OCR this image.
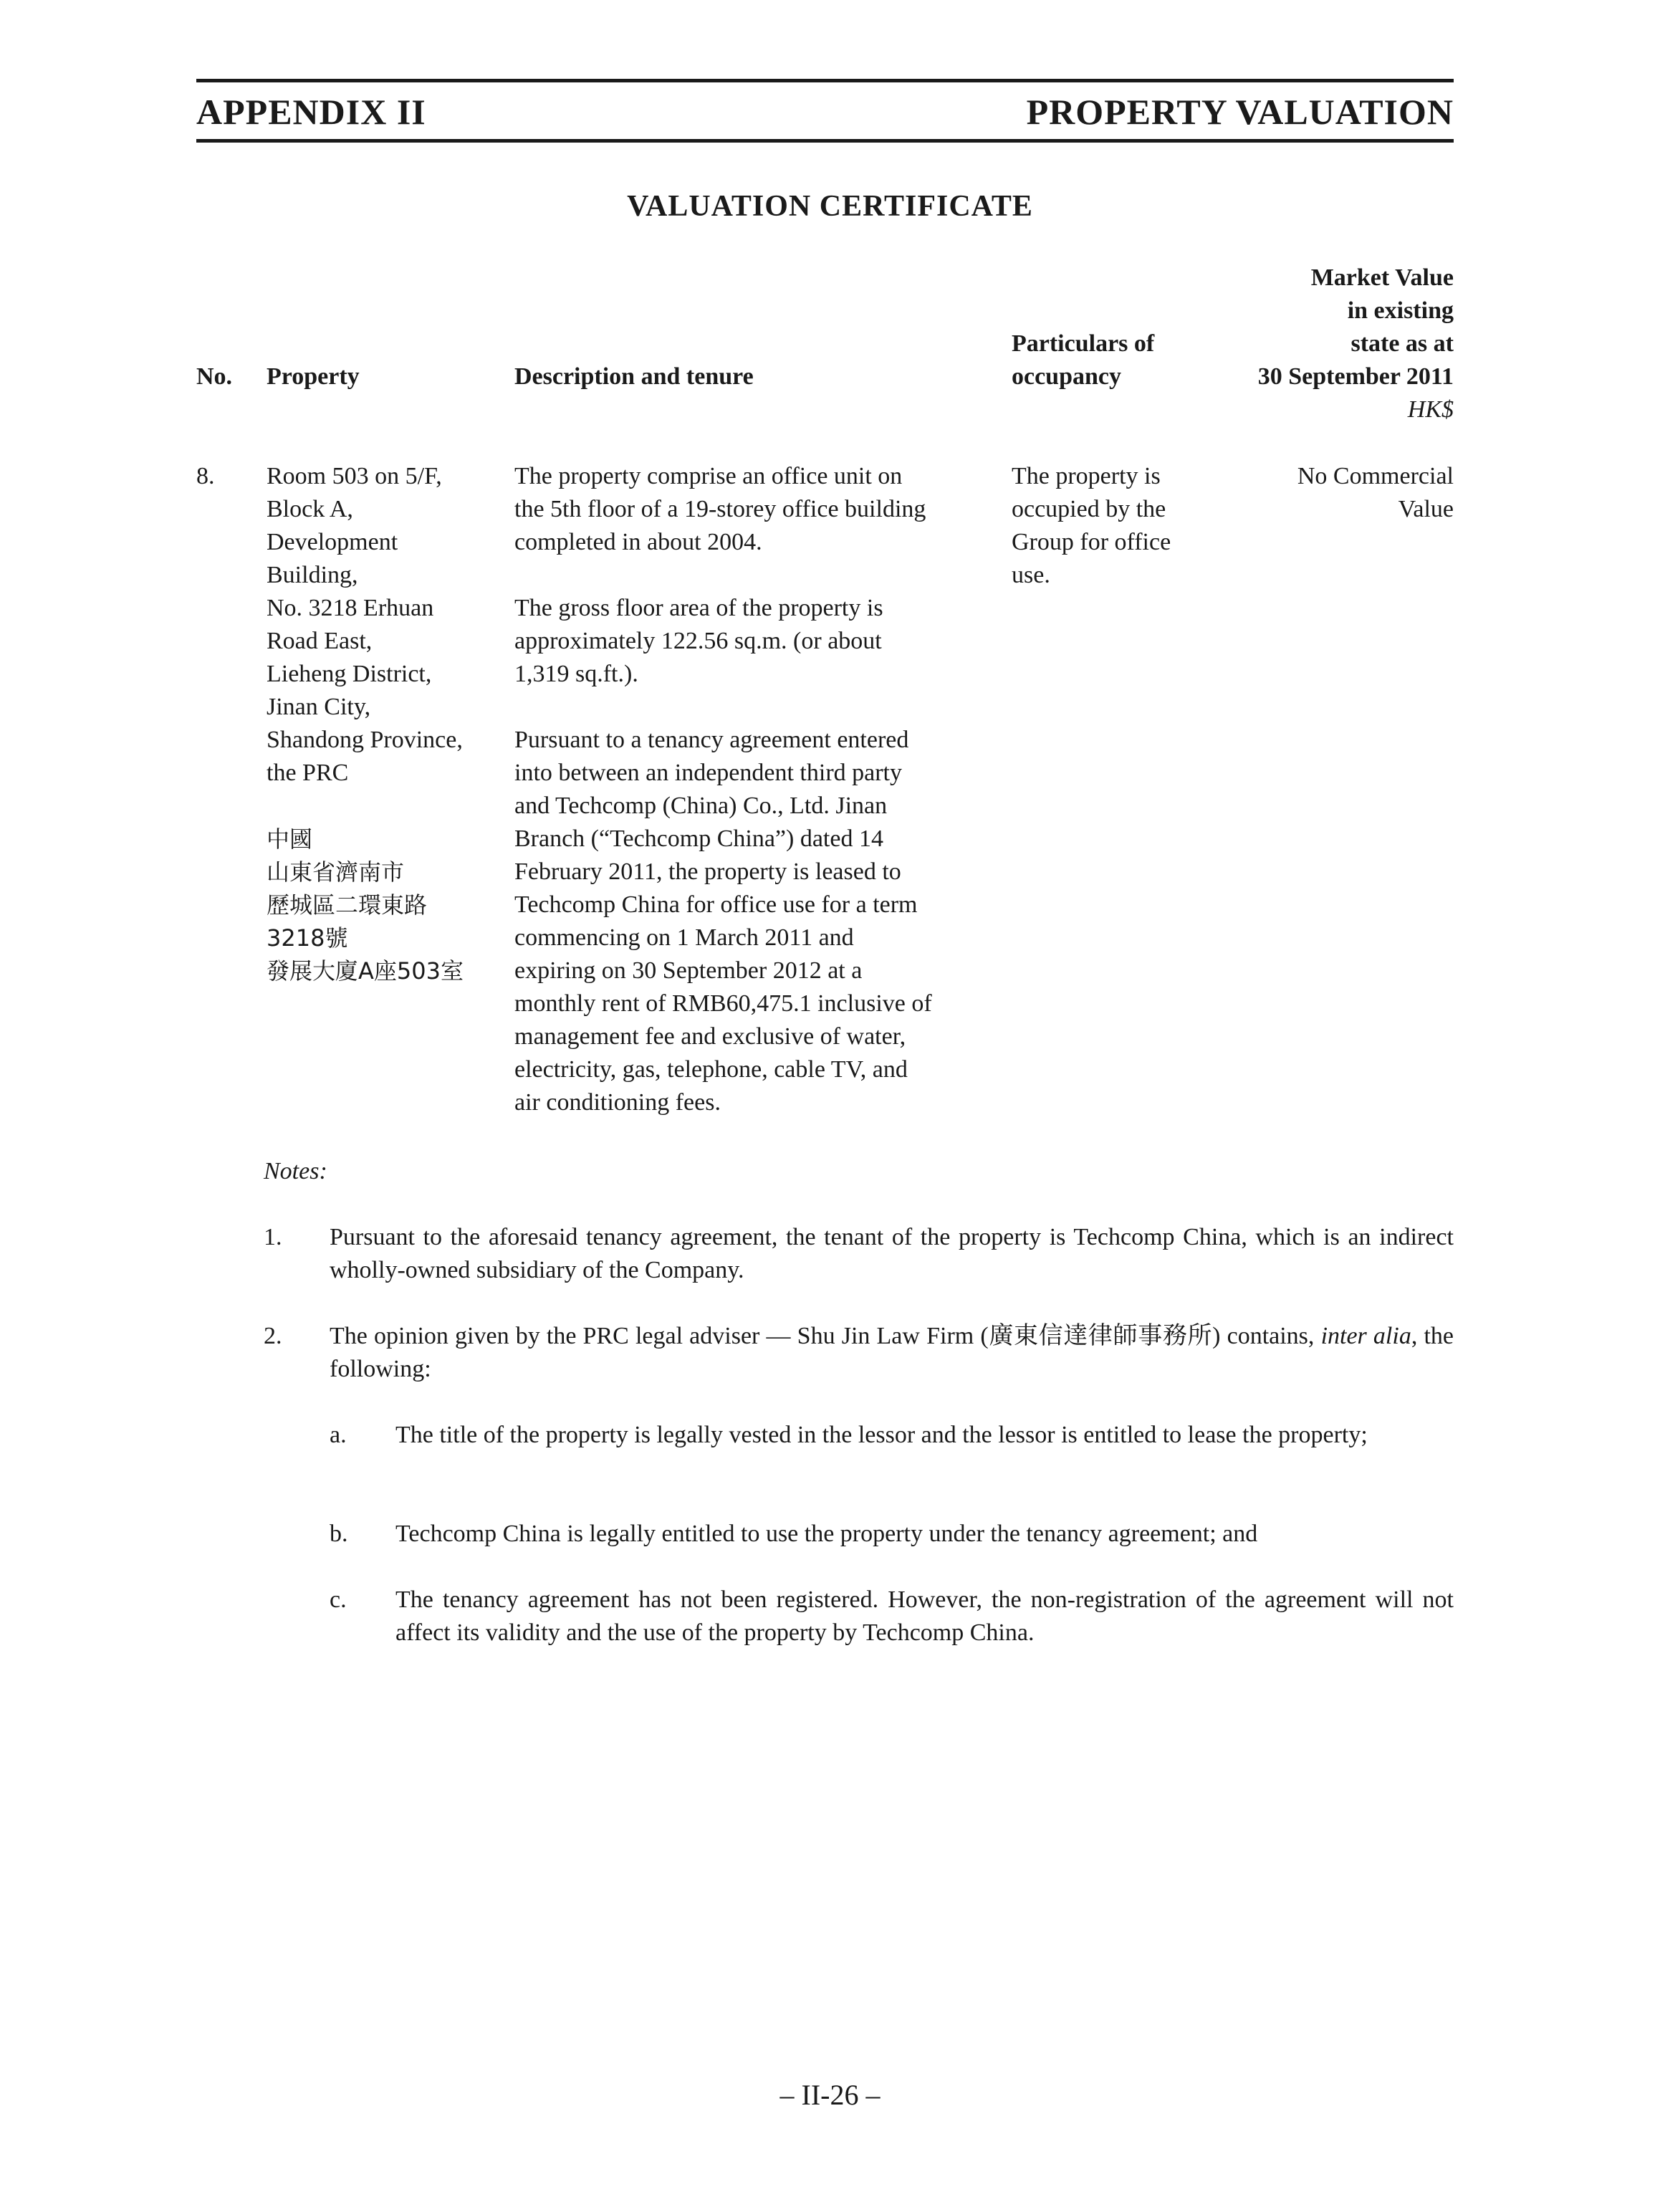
APPENDIX II	PROPERTY VALUATION
VALUATION CERTIFICATE
No. Property	Description and tenure
Particulars of
occupancy
Market Value
in existing
state as at
30 September 2011
HK$
8. Room 503 on 5/F,
Block A,
Development
Building,
No. 3218 Erhuan
Road East,
Lieheng District,
Jinan City,
Shandong Province,
the PRC
中國
山東省濟南市
歷城區二環東路
3218號
發展大廈A座503室
The property comprise an office unit on
the 5th floor of a 19-storey office building
completed in about 2004.
The gross floor area of the property is
approximately 122.56 sq.m. (or about
1,319 sq.ft.).
Pursuant to a tenancy agreement entered
into between an independent third party
and Techcomp (China) Co., Ltd. Jinan
Branch (“Techcomp China”) dated 14
February 2011, the property is leased to
Techcomp China for office use for a term
commencing on 1 March 2011 and
expiring on 30 September 2012 at a
monthly rent of RMB60,475.1 inclusive of
management fee and exclusive of water,
electricity, gas, telephone, cable TV, and
air conditioning fees.
The property is
occupied by the
Group for office
use.
No Commercial
Value
Notes:
1. Pursuant to the aforesaid tenancy agreement, the tenant of the property is Techcomp China, which is an indirect wholly-owned subsidiary of the Company.
2. The opinion given by the PRC legal adviser — Shu Jin Law Firm (廣東信達律師事務所) contains, inter alia, the following:
a. The title of the property is legally vested in the lessor and the lessor is entitled to lease the property;
b. Techcomp China is legally entitled to use the property under the tenancy agreement; and
c. The tenancy agreement has not been registered. However, the non-registration of the agreement will not affect its validity and the use of the property by Techcomp China.
– II-26 –
